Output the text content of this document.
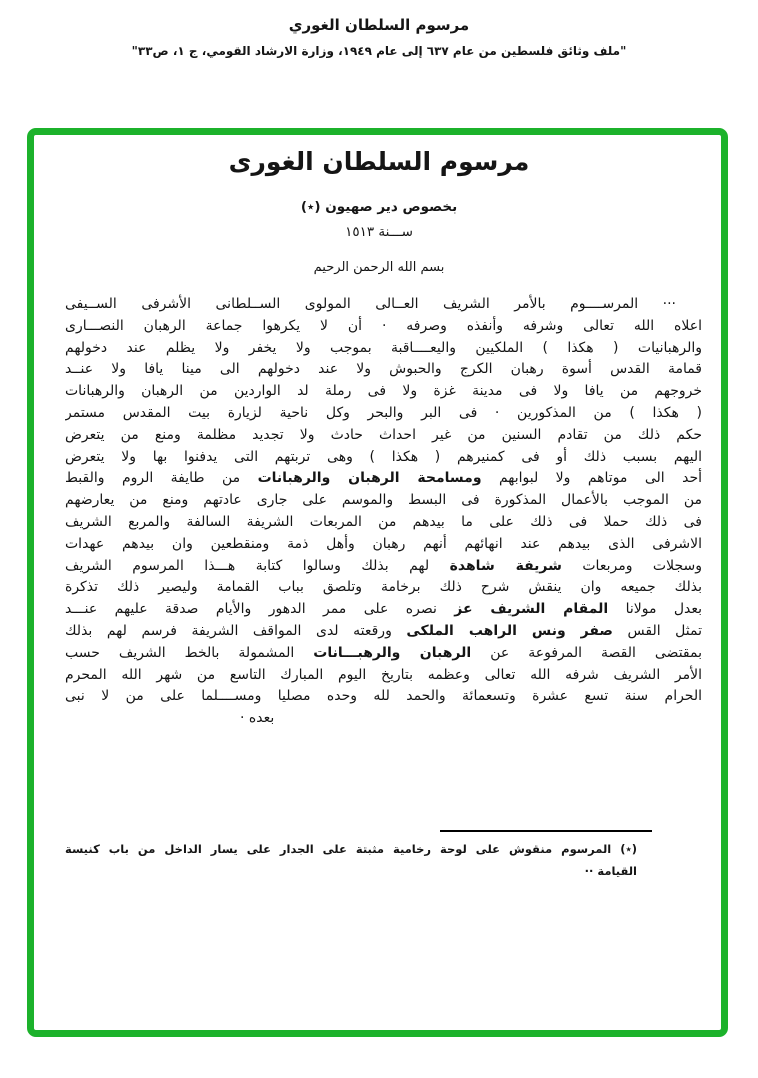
مرسوم السلطان الغوري
"ملف وثائق فلسطين من عام ٦٣٧ إلى عام ١٩٤٩، وزارة الارشاد القومي، ج ١، ص٣٣"
مرسوم السلطان الغورى
بخصوص دير صهيون (٭)
ســـنة ١٥١٣
بسم الله الرحمن الرحيم
··· المرســــوم بالأمر الشريف العــالى المولوى الســلطانى الأشرفى الســيفى
اعلاه الله تعالى وشرفه وأنفذه وصرفه · أن لا يكرهوا جماعة الرهبان النصـــارى
والرهبانيات ( هكذا ) الملكيين واليعــــاقبة بموجب ولا يخفر ولا يظلم عند دخولهم
قمامة القدس أسوة رهبان الكرج والحبوش ولا عند دخولهم الى مينا يافا ولا عنــد
خروجهم من يافا ولا فى مدينة غزة ولا فى رملة لد الواردين من الرهبان والرهبانات
( هكذا ) من المذكورين · فى البر والبحر وكل ناحية لزيارة بيت المقدس مستمر
حكم ذلك من تقادم السنين من غير احداث حادث ولا تجديد مظلمة ومنع من يتعرض
اليهم بسبب ذلك أو فى كمنيرهم ( هكذا ) وهى تربتهم التى يدفنوا بها ولا يتعرض
أحد الى موتاهم ولا لبوابهم ومسامحة الرهبان والرهبانات من طايفة الروم والقبط
من الموجب بالأعمال المذكورة فى البسط والموسم على جارى عادتهم ومنع من يعارضهم
فى ذلك حملا فى ذلك على ما بيدهم من المربعات الشريفة السالفة والمربع الشريف
الاشرفى الذى بيدهم عند انهائهم أنهم رهبان وأهل ذمة ومنقطعين وان بيدهم عهدات
وسجلات ومربعات شريفة شاهدة لهم بذلك وسالوا كتابة هـــذا المرسوم الشريف
بذلك جميعه وان ينقش شرح ذلك برخامة وتلصق بباب القمامة وليصير ذلك تذكرة
بعدل مولانا المقام الشريف عز نصره على ممر الدهور والأيام صدقة عليهم عنـــد
تمثل القس صفر ونس الراهب الملكى ورقعته لدى المواقف الشريفة فرسم لهم بذلك
بمقتضى القصة المرفوعة عن الرهبان والرهبـــانات المشمولة بالخط الشريف حسب
الأمر الشريف شرفه الله تعالى وعظمه بتاريخ اليوم المبارك التاسع من شهر الله المحرم
الحرام سنة تسع عشرة وتسعمائة والحمد لله وحده مصليا ومســــلما على من لا نبى
بعده ·
(٭) المرسوم منقوش على لوحة رخامية مثبتة على الجدار على يسار الداخل من باب كنيسة
القيامة ··
